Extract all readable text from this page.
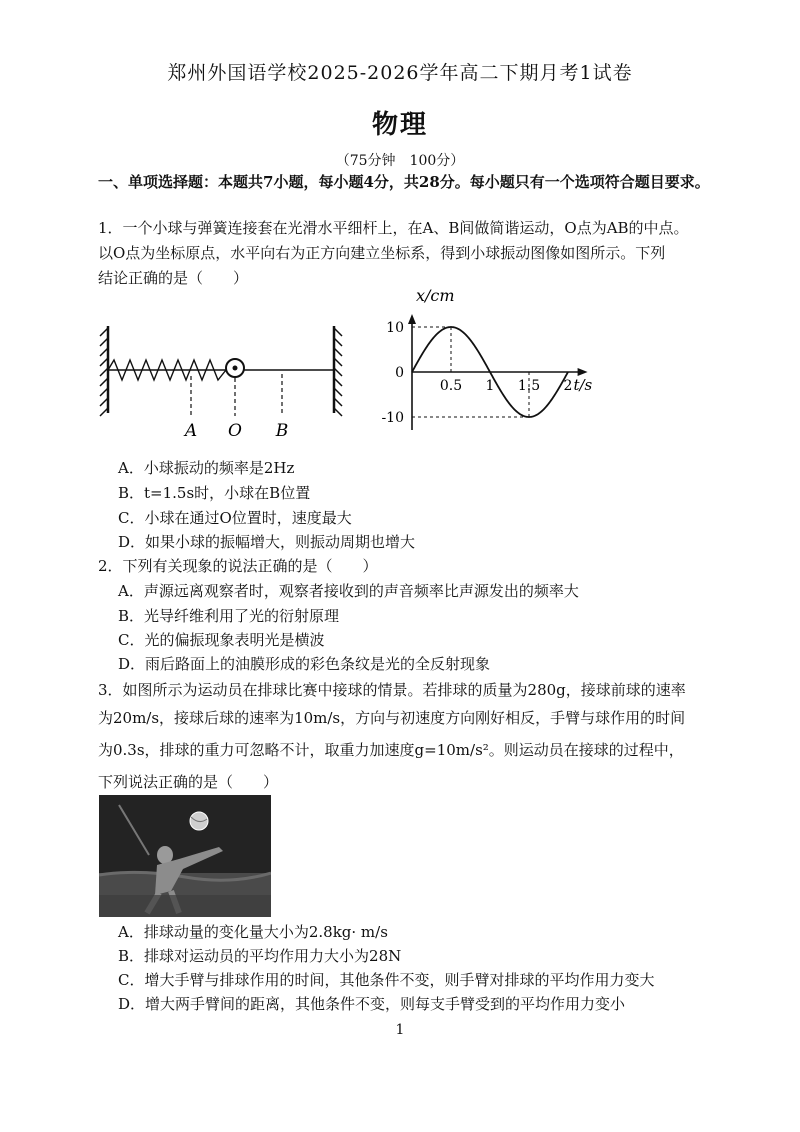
郑州外国语学校2025-2026学年高二下期月考1试卷
物理
（75分钟　100分）
一、单项选择题：本题共7小题，每小题4分，共28分。每小题只有一个选项符合题目要求。
1．一个小球与弹簧连接套在光滑水平细杆上，在A、B间做简谐运动，O点为AB的中点。
以O点为坐标原点，水平向右为正方向建立坐标系，得到小球振动图像如图所示。下列
结论正确的是（　　）
A O B
x/cm
t/s
10
0
-10
0.5 1 1.5 2
A．小球振动的频率是2Hz
B．t=1.5s时，小球在B位置
C．小球在通过O位置时，速度最大
D．如果小球的振幅增大，则振动周期也增大
2．下列有关现象的说法正确的是（　　）
A．声源远离观察者时，观察者接收到的声音频率比声源发出的频率大
B．光导纤维利用了光的衍射原理
C．光的偏振现象表明光是横波
D．雨后路面上的油膜形成的彩色条纹是光的全反射现象
3．如图所示为运动员在排球比赛中接球的情景。若排球的质量为280g，接球前球的速率
为20m/s，接球后球的速率为10m/s，方向与初速度方向刚好相反，手臂与球作用的时间
为0.3s，排球的重力可忽略不计，取重力加速度g=10m/s²。则运动员在接球的过程中，
下列说法正确的是（　　）
A．排球动量的变化量大小为2.8kg· m/s
B．排球对运动员的平均作用力大小为28N
C．增大手臂与排球作用的时间，其他条件不变，则手臂对排球的平均作用力变大
D．增大两手臂间的距离，其他条件不变，则每支手臂受到的平均作用力变小
1
